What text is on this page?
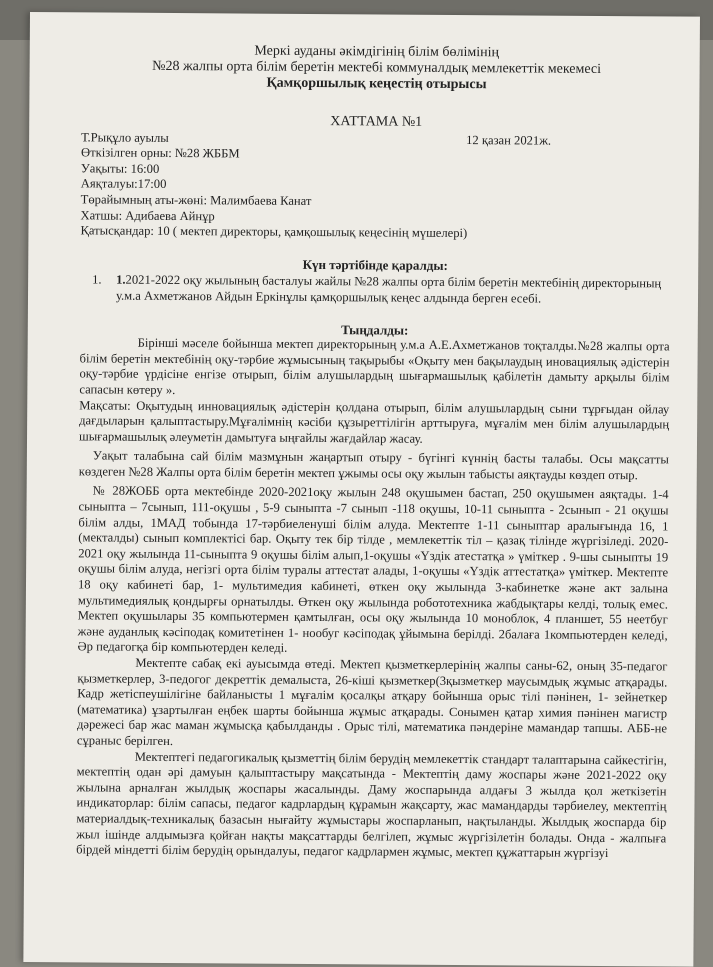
Меркі ауданы әкімдігінің білім бөлімінің
№28 жалпы орта білім беретін мектебі коммуналдық мемлекеттік мекемесі
Қамқоршылық кеңестің отырысы
ХАТТАМА №1
Т.Рықұло ауылы	12 қазан 2021ж.
Өткізілген орны: №28 ЖББМ
Уақыты: 16:00
Аяқталуы:17:00
Төрайымның аты-жөні: Малимбаева Канат
Хатшы: Адибаева Айнұр
Қатысқандар: 10 ( мектеп директоры, қамқошылық кеңесінің мүшелері)
Күн тәртібінде қаралды:
1.	1.2021-2022 оқу жылының басталуы жайлы №28 жалпы орта білім беретін мектебінің директорының у.м.а Ахметжанов Айдын Еркінұлы қамқоршылық кеңес алдында берген есебі.
Тыңдалды:

Бірінші мәселе бойынша мектеп директорының у.м.а А.Е.Ахметжанов тоқталды.№28 жалпы орта білім беретін мектебінің оқу-тәрбие жұмысының тақырыбы «Оқыту мен бақылаудың иновациялық әдістерін оқу-тәрбие үрдісіне енгізе отырып, білім алушылардың шығармашылық қабілетін дамыту арқылы білім сапасын көтеру ».

Мақсаты: Оқытудың инновациялық әдістерін қолдана отырып, білім алушылардың сыни тұрғыдан ойлау дағдыларын қалыптастыру.Мұғалімнің кәсіби құзыреттілігін арттыруға, мұғалім мен білім алушылардың шығармашылық әлеуметін дамытуға ыңғайлы жағдайлар жасау.

Уақыт талабына сай білім мазмұнын жаңартып отыру - бүгінгі күннің басты талабы. Осы мақсатты көздеген №28 Жалпы орта білім беретін мектеп ұжымы осы оқу жылын табысты аяқтауды көздеп отыр.

№ 28ЖОББ орта мектебінде 2020-2021оқу жылын 248 оқушымен бастап, 250 оқушымен аяқтады. 1-4 сыныпта – 7сынып, 111-оқушы , 5-9 сыныпта -7 сынып -118 оқушы, 10-11 сыныпта - 2сынып - 21 оқушы білім алды, 1МАД тобында 17-тәрбиеленуші білім алуда. Мектепте 1-11 сыныптар аралығында 16, 1 (мекталды) сынып комплектісі бар. Оқыту тек бір тілде , мемлекеттік тіл – қазақ тілінде жүргізіледі. 2020-2021 оқу жылында 11-сыныпта 9 оқушы білім алып,1-оқушы «Үздік атестатқа » үміткер . 9-шы сыныпты 19 оқушы білім алуда, негізгі орта білім туралы аттестат алады, 1-оқушы «Үздік аттестатқа» үміткер. Мектепте 18 оқу кабинеті бар, 1- мультимедия кабинеті, өткен оқу жылында 3-кабинетке және акт залына мультимедиялық қондырғы орнатылды. Өткен оқу жылында робототехника жабдықтары келді, толық емес. Мектеп оқушылары 35 компьютермен қамтылған, осы оқу жылында 10 моноблок, 4 планшет, 55 неетбуг және ауданлық кәсіподақ комитетінен 1- нообуг кәсіподақ ұйымына берілді. 2балаға 1компьютерден келеді, Әр педагогқа бір компьютерден келеді.

Мектепте сабақ екі ауысымда өтеді. Мектеп қызметкерлерінің жалпы саны-62, оның 35-педагог қызметкерлер, 3-педогог декреттік демалыста, 26-кіші қызметкер(3қызметкер маусымдық жұмыс атқарады. Кадр жетіспеушілігіне байланысты 1 мұғалім қосалқы атқару бойынша орыс тілі пәнінен, 1- зейнеткер (математика) ұзартылған еңбек шарты бойынша жұмыс атқарады. Сонымен қатар химия пәнінен магистр дәрежесі бар жас маман жұмысқа қабылданды . Орыс тілі, математика пәндеріне мамандар тапшы. АББ-не сұраныс берілген.

Мектептегі педагогикалық қызметтің білім берудің мемлекеттік стандарт талаптарына сайкестігін, мектептің одан әрі дамуын қалыптастыру мақсатында - Мектептің даму жоспары және 2021-2022 оқу жылына арналған жылдық жоспары жасалынды. Даму жоспарында алдағы 3 жылда қол жеткізетін индикаторлар: білім сапасы, педагог кадрлардың құрамын жақсарту, жас мамандарды тәрбиелеу, мектептің материалдық-техникалық базасын нығайту жұмыстары жоспарланып, нақтыланды. Жылдық жоспарда бір жыл ішінде алдымызға қойған нақты мақсаттарды белгілеп, жұмыс жүргізілетін болады. Онда - жалпыға бірдей міндетті білім берудің орындалуы, педагог кадрлармен жұмыс, мектеп құжаттарын жүргізуі
